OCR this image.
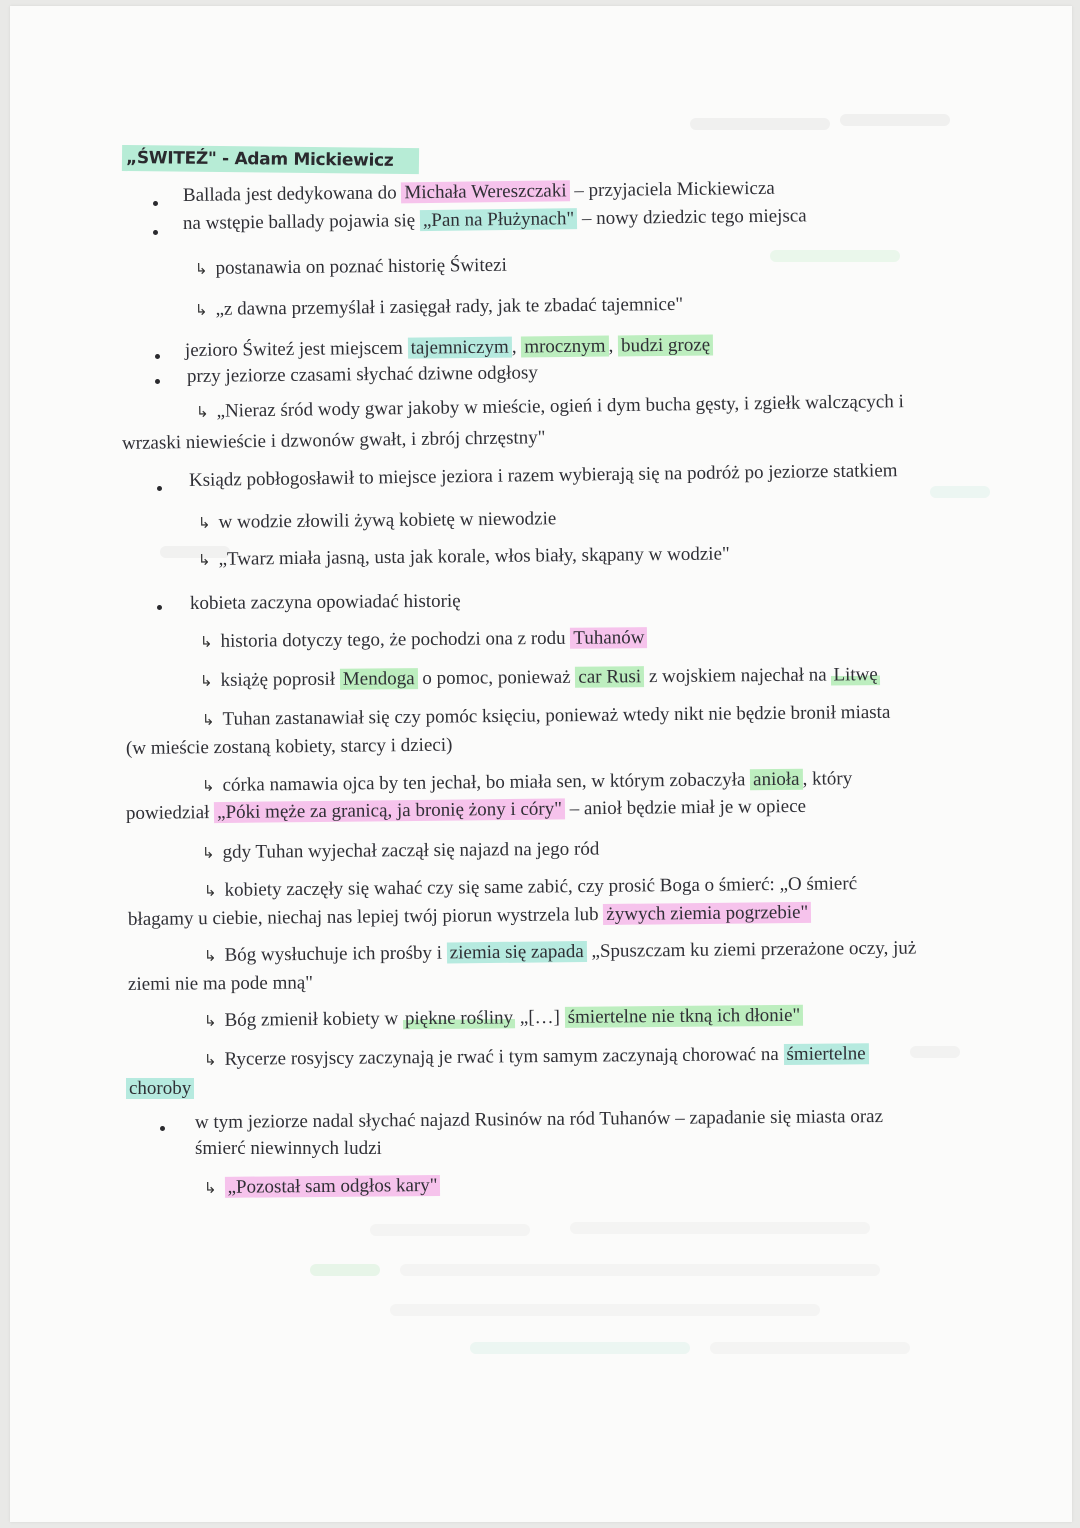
„ŚWITEŹ" - Adam Mickiewicz
Ballada jest dedykowana do Michała Wereszczaki – przyjaciela Mickiewicza
na wstępie ballady pojawia się „Pan na Płużynach" – nowy dziedzic tego miejsca
↳ postanawia on poznać historię Świtezi
↳ „z dawna przemyślał i zasięgał rady, jak te zbadać tajemnice"
jezioro Świteź jest miejscem tajemniczym , mrocznym , budzi grozę
przy jeziorze czasami słychać dziwne odgłosy
↳ „Nieraz śród wody gwar jakoby w mieście, ogień i dym bucha gęsty, i zgiełk walczących i
wrzaski niewieście i dzwonów gwałt, i zbrój chrzęstny"
Ksiądz pobłogosławił to miejsce jeziora i razem wybierają się na podróż po jeziorze statkiem
↳ w wodzie złowili żywą kobietę w niewodzie
↳ „Twarz miała jasną, usta jak korale, włos biały, skąpany w wodzie"
kobieta zaczyna opowiadać historię
↳ historia dotyczy tego, że pochodzi ona z rodu Tuhanów
↳ książę poprosił Mendoga o pomoc, ponieważ car Rusi z wojskiem najechał na Litwę
↳ Tuhan zastanawiał się czy pomóc księciu, ponieważ wtedy nikt nie będzie bronił miasta
(w mieście zostaną kobiety, starcy i dzieci)
↳ córka namawia ojca by ten jechał, bo miała sen, w którym zobaczyła anioła , który
powiedział „Póki męże za granicą, ja bronię żony i córy" – anioł będzie miał je w opiece
↳ gdy Tuhan wyjechał zaczął się najazd na jego ród
↳ kobiety zaczęły się wahać czy się same zabić, czy prosić Boga o śmierć: „O śmierć
błagamy u ciebie, niechaj nas lepiej twój piorun wystrzela lub żywych ziemia pogrzebie"
↳ Bóg wysłuchuje ich prośby i ziemia się zapada „Spuszczam ku ziemi przerażone oczy, już
ziemi nie ma pode mną"
↳ Bóg zmienił kobiety w piękne rośliny „[…] śmiertelne nie tkną ich dłonie"
↳ Rycerze rosyjscy zaczynają je rwać i tym samym zaczynają chorować na śmiertelne
choroby
w tym jeziorze nadal słychać najazd Rusinów na ród Tuhanów – zapadanie się miasta oraz
śmierć niewinnych ludzi
↳ „Pozostał sam odgłos kary"
